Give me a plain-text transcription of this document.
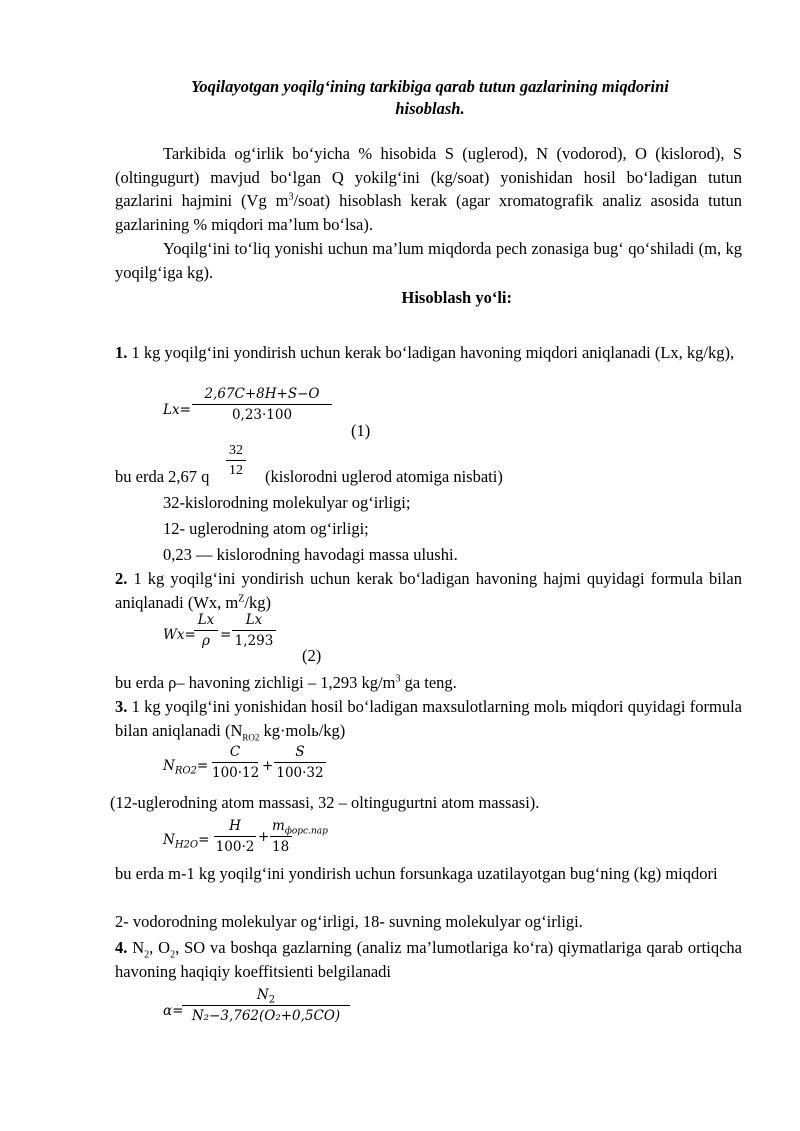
Yoqilayotgan yoqilg‘ining tarkibiga qarab tutun gazlarining miqdorini
hisoblash.
Tarkibida og‘irlik bo‘yicha % hisobida S (uglerod), N (vodorod), O (kislorod), S (oltingugurt) mavjud bo‘lgan Q yokilg‘ini (kg/soat) yonishidan hosil bo‘ladigan tutun gazlarini hajmini (Vg $m^3/soat$) hisoblash kerak (agar xromatografik analiz asosida tutun gazlarining % miqdori ma’lum bo‘lsa).
Yoqilg‘ini to‘liq yonishi uchun ma’lum miqdorda pech zonasiga bug‘ qo‘shiladi (m, kg yoqilg‘iga kg).
Hisoblash yo‘li:
1. 1 kg yoqilg‘ini yondirish uchun kerak bo‘ladigan havoning miqdori aniqlanadi (Lx, kg/kg),
$Lx= \frac{2,67C+8H+S-O}{0,23\cdot 100}$
(1)
$\frac{32}{12}$
bu erda 2,67 q	(kislorodni uglerod atomiga nisbati)
32-kislorodning molekulyar og‘irligi;
12- uglerodning atom og‘irligi;
0,23 — kislorodning havodagi massa ulushi.
2. 1 kg yoqilg‘ini yondirish uchun kerak bo‘ladigan havoning hajmi quyidagi formula bilan aniqlanadi (Wx, $m^Z/kg$)
Wx=
$\frac{Lx}{\rho} = \frac{Lx}{1,293}$
(2)
bu erda ρ– havoning zichligi – 1,293 $kg/m^3$ ga teng.
3. 1 kg yoqilg‘ini yonishidan hosil bo‘ladigan maxsulotlarning molь miqdori quyidagi formula bilan aniqlanadi ($N_{RO2}$ kg·molь/kg)
$N_{RO2}= \frac{C}{100\cdot 12} + \frac{S}{100\cdot 32}$
(12-uglerodning atom massasi, 32 – oltingugurtni atom massasi).
$N_{H2O}= \frac{H}{100\cdot 2}$ +
$m_{форс.пар}$
18
bu erda m-1 kg yoqilg‘ini yondirish uchun forsunkaga uzatilayotgan bug‘ning (kg) miqdori
2- vodorodning molekulyar og‘irligi, 18- suvning molekulyar og‘irligi.
4. $N_2$, $O_2$, SO va boshqa gazlarning (analiz ma’lumotlariga ko‘ra) qiymatlariga qarab ortiqcha havoning haqiqiy koeffitsienti belgilanadi
α=
$\frac{N_2}{\text{N₂−3,762(O₂+0,5CO)}}$
